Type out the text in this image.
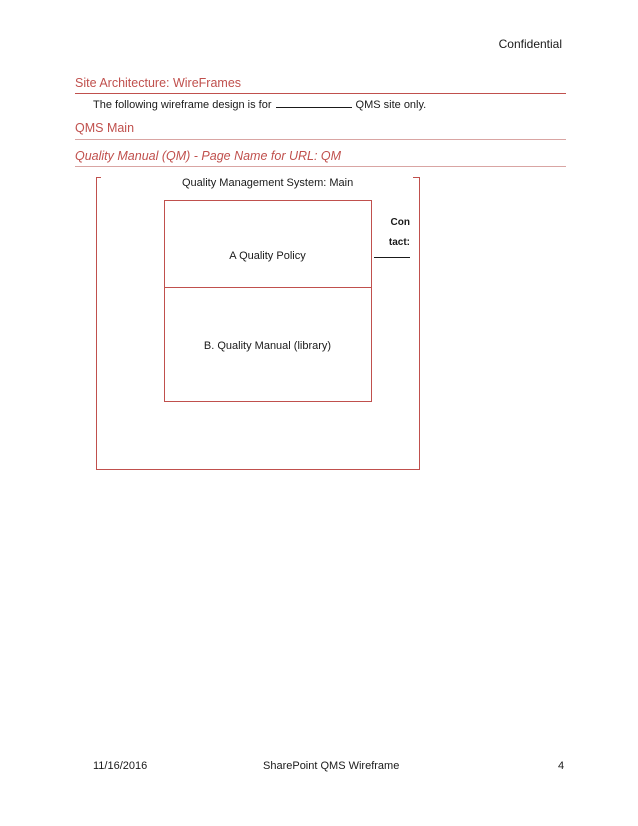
Confidential
Site Architecture: WireFrames
The following wireframe design is for	QMS site only.
QMS Main
Quality Manual (QM) - Page Name for URL: QM
Quality Management System: Main
A Quality Policy
B. Quality Manual (library)
Con
tact:
11/16/2016	SharePoint QMS Wireframe	4
